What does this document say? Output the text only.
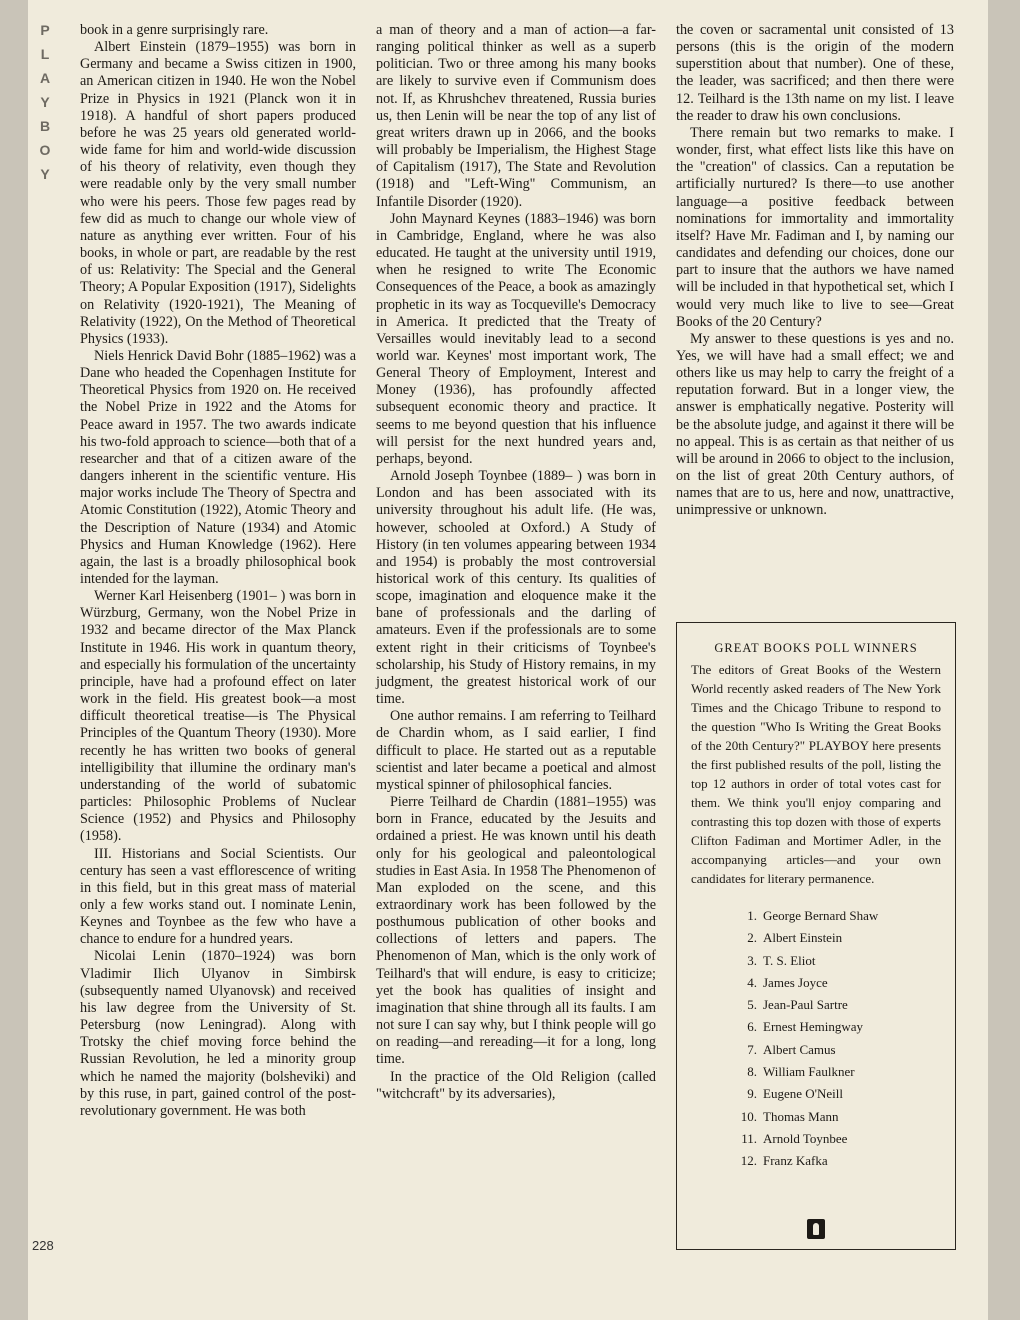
P
L
A
Y
B
O
Y
228

book in a genre surprisingly rare.

Albert Einstein (1879–1955) was born in Germany and became a Swiss citizen in 1900, an American citizen in 1940. He won the Nobel Prize in Physics in 1921 (Planck won it in 1918). A handful of short papers produced before he was 25 years old generated world-wide fame for him and world-wide discussion of his theory of relativity, even though they were readable only by the very small number who were his peers. Those few pages read by few did as much to change our whole view of nature as anything ever written. Four of his books, in whole or part, are readable by the rest of us: Relativity: The Special and the General Theory; A Popular Exposition (1917), Sidelights on Relativity (1920-1921), The Meaning of Relativity (1922), On the Method of Theoretical Physics (1933).

Niels Henrick David Bohr (1885–1962) was a Dane who headed the Copenhagen Institute for Theoretical Physics from 1920 on. He received the Nobel Prize in 1922 and the Atoms for Peace award in 1957. The two awards indicate his two-fold approach to science—both that of a researcher and that of a citizen aware of the dangers inherent in the scientific venture. His major works include The Theory of Spectra and Atomic Constitution (1922), Atomic Theory and the Description of Nature (1934) and Atomic Physics and Human Knowledge (1962). Here again, the last is a broadly philosophical book intended for the layman.

Werner Karl Heisenberg (1901– ) was born in Würzburg, Germany, won the Nobel Prize in 1932 and became director of the Max Planck Institute in 1946. His work in quantum theory, and especially his formulation of the uncertainty principle, have had a profound effect on later work in the field. His greatest book—a most difficult theoretical treatise—is The Physical Principles of the Quantum Theory (1930). More recently he has written two books of general intelligibility that illumine the ordinary man's understanding of the world of subatomic particles: Philosophic Problems of Nuclear Science (1952) and Physics and Philosophy (1958).

III. Historians and Social Scientists. Our century has seen a vast efflorescence of writing in this field, but in this great mass of material only a few works stand out. I nominate Lenin, Keynes and Toynbee as the few who have a chance to endure for a hundred years.

Nicolai Lenin (1870–1924) was born Vladimir Ilich Ulyanov in Simbirsk (subsequently named Ulyanovsk) and received his law degree from the University of St. Petersburg (now Leningrad). Along with Trotsky the chief moving force behind the Russian Revolution, he led a minority group which he named the majority (bolsheviki) and by this ruse, in part, gained control of the post-revolutionary government. He was both

a man of theory and a man of action—a far-ranging political thinker as well as a superb politician. Two or three among his many books are likely to survive even if Communism does not. If, as Khrushchev threatened, Russia buries us, then Lenin will be near the top of any list of great writers drawn up in 2066, and the books will probably be Imperialism, the Highest Stage of Capitalism (1917), The State and Revolution (1918) and "Left-Wing" Communism, an Infantile Disorder (1920).

John Maynard Keynes (1883–1946) was born in Cambridge, England, where he was also educated. He taught at the university until 1919, when he resigned to write The Economic Consequences of the Peace, a book as amazingly prophetic in its way as Tocqueville's Democracy in America. It predicted that the Treaty of Versailles would inevitably lead to a second world war. Keynes' most important work, The General Theory of Employment, Interest and Money (1936), has profoundly affected subsequent economic theory and practice. It seems to me beyond question that his influence will persist for the next hundred years and, perhaps, beyond.

Arnold Joseph Toynbee (1889– ) was born in London and has been associated with its university throughout his adult life. (He was, however, schooled at Oxford.) A Study of History (in ten volumes appearing between 1934 and 1954) is probably the most controversial historical work of this century. Its qualities of scope, imagination and eloquence make it the bane of professionals and the darling of amateurs. Even if the professionals are to some extent right in their criticisms of Toynbee's scholarship, his Study of History remains, in my judgment, the greatest historical work of our time.

One author remains. I am referring to Teilhard de Chardin whom, as I said earlier, I find difficult to place. He started out as a reputable scientist and later became a poetical and almost mystical spinner of philosophical fancies.

Pierre Teilhard de Chardin (1881–1955) was born in France, educated by the Jesuits and ordained a priest. He was known until his death only for his geological and paleontological studies in East Asia. In 1958 The Phenomenon of Man exploded on the scene, and this extraordinary work has been followed by the posthumous publication of other books and collections of letters and papers. The Phenomenon of Man, which is the only work of Teilhard's that will endure, is easy to criticize; yet the book has qualities of insight and imagination that shine through all its faults. I am not sure I can say why, but I think people will go on reading—and rereading—it for a long, long time.

In the practice of the Old Religion (called "witchcraft" by its adversaries),

the coven or sacramental unit consisted of 13 persons (this is the origin of the modern superstition about that number). One of these, the leader, was sacrificed; and then there were 12. Teilhard is the 13th name on my list. I leave the reader to draw his own conclusions.

There remain but two remarks to make. I wonder, first, what effect lists like this have on the "creation" of classics. Can a reputation be artificially nurtured? Is there—to use another language—a positive feedback between nominations for immortality and immortality itself? Have Mr. Fadiman and I, by naming our candidates and defending our choices, done our part to insure that the authors we have named will be included in that hypothetical set, which I would very much like to live to see—Great Books of the 20 Century?

My answer to these questions is yes and no. Yes, we will have had a small effect; we and others like us may help to carry the freight of a reputation forward. But in a longer view, the answer is emphatically negative. Posterity will be the absolute judge, and against it there will be no appeal. This is as certain as that neither of us will be around in 2066 to object to the inclusion, on the list of great 20th Century authors, of names that are to us, here and now, unattractive, unimpressive or unknown.

GREAT BOOKS POLL WINNERS
The editors of Great Books of the Western World recently asked readers of The New York Times and the Chicago Tribune to respond to the question "Who Is Writing the Great Books of the 20th Century?" PLAYBOY here presents the first published results of the poll, listing the top 12 authors in order of total votes cast for them. We think you'll enjoy comparing and contrasting this top dozen with those of experts Clifton Fadiman and Mortimer Adler, in the accompanying articles—and your own candidates for literary permanence.
1. George Bernard Shaw
2. Albert Einstein
3. T. S. Eliot
4. James Joyce
5. Jean-Paul Sartre
6. Ernest Hemingway
7. Albert Camus
8. William Faulkner
9. Eugene O'Neill
10. Thomas Mann
11. Arnold Toynbee
12. Franz Kafka
